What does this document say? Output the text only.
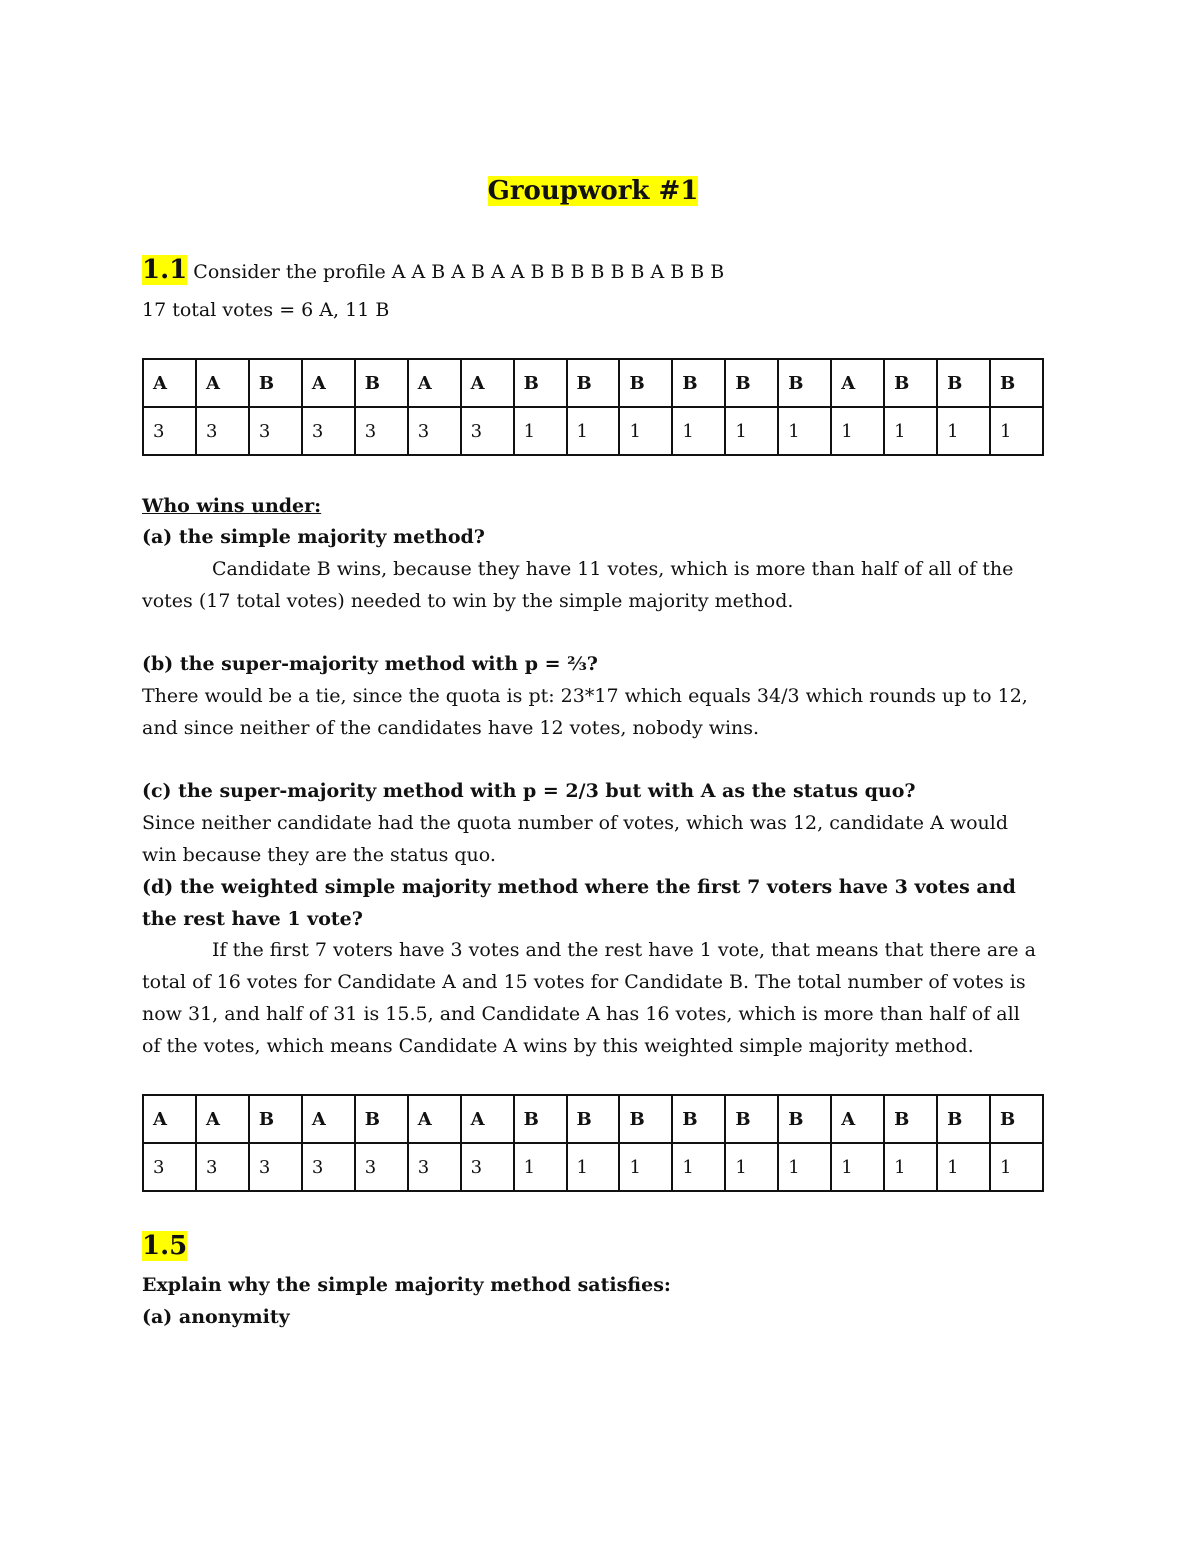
Groupwork #1
1.1 Consider the profile A A B A B A A B B B B B B A B B B
17 total votes = 6 A, 11 B
A	A	B	A	B	A	A	B	B	B	B	B	B	A	B	B	B
3	3	3	3	3	3	3	1	1	1	1	1	1	1	1	1	1
Who wins under:
(a) the simple majority method?
Candidate B wins, because they have 11 votes, which is more than half of all of the votes (17 total votes) needed to win by the simple majority method.
(b) the super-majority method with p = ⅔?
There would be a tie, since the quota is pt: 23*17 which equals 34/3 which rounds up to 12, and since neither of the candidates have 12 votes, nobody wins.
(c) the super-majority method with p = 2/3 but with A as the status quo?
Since neither candidate had the quota number of votes, which was 12, candidate A would win because they are the status quo.
(d) the weighted simple majority method where the first 7 voters have 3 votes and the rest have 1 vote?
If the first 7 voters have 3 votes and the rest have 1 vote, that means that there are a total of 16 votes for Candidate A and 15 votes for Candidate B. The total number of votes is now 31, and half of 31 is 15.5, and Candidate A has 16 votes, which is more than half of all of the votes, which means Candidate A wins by this weighted simple majority method.
A	A	B	A	B	A	A	B	B	B	B	B	B	A	B	B	B
3	3	3	3	3	3	3	1	1	1	1	1	1	1	1	1	1
1.5
Explain why the simple majority method satisfies:
(a) anonymity
